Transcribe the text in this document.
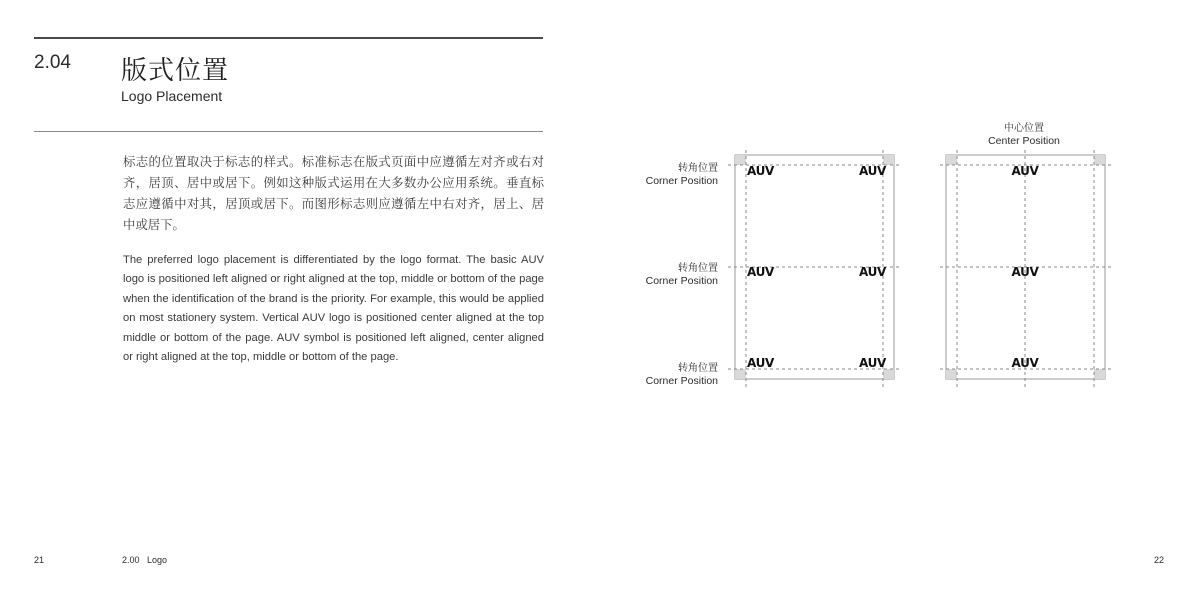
2.04 版式位置
Logo Placement

标志的位置取决于标志的样式。标准标志在版式页面中应遵循左对齐或右对齐，居顶、居中或居下。例如这种版式运用在大多数办公应用系统。垂直标志应遵循中对其，居顶或居下。而图形标志则应遵循左中右对齐，居上、居中或居下。

The preferred logo placement is differentiated by the logo format. The basic AUV logo is positioned left aligned or right aligned at the top, middle or bottom of the page when the identification of the brand is the priority. For example, this would be applied on most stationery system. Vertical AUV logo is positioned center aligned at the top middle or bottom of the page. AUV symbol is positioned left aligned, center aligned or right aligned at the top, middle or bottom of the page.

转角位置
Corner Position
转角位置
Corner Position
转角位置
Corner Position
中心位置
Center Position
AUV	AUV
AUV	AUV
AUV	AUV
AUV
AUV
AUV
21	2.00   Logo	22
